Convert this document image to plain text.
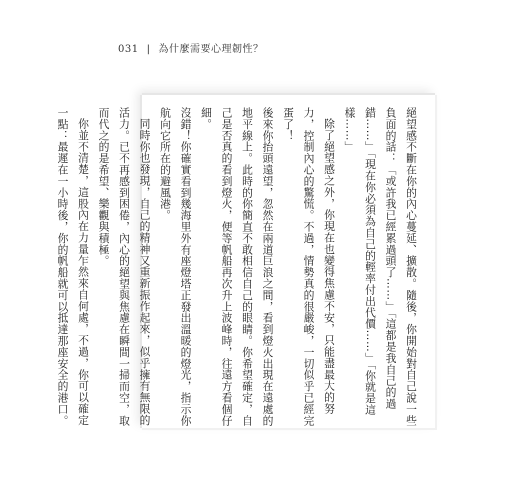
031 | 為什麼需要心理韌性？

絕望感不斷在你的內心蔓延、擴散。隨後，你開始對自己說一些負面的話：「或許我已經累過頭了……」「這都是我自己的過錯……」「現在你必須為自己的輕率付出代價……」「你就是這樣……」

除了絕望感之外，你現在也變得焦慮不安，只能盡最大的努力，控制內心的驚慌。不過，情勢真的很嚴峻，一切似乎已經完蛋了！

後來你抬頭遠望，忽然在兩道巨浪之間，看到燈火出現在遠處的地平線上。此時的你簡直不敢相信自己的眼睛。你希望確定，自己是否真的看到燈火，便等帆船再次升上波峰時，往遠方看個仔細。

沒錯！你確實看到幾海里外有座燈塔正發出溫暖的燈光，指示你航向它所在的避風港。

同時你也發現，自己的精神又重新振作起來，似乎擁有無限的活力。已不再感到困倦，內心的絕望與焦慮在瞬間一掃而空，取而代之的是希望、樂觀與積極。

你並不清楚，這股內在力量乍然來自何處，不過，你可以確定一點：最遲在一小時後，你的帆船就可以抵達那座安全的港口。
